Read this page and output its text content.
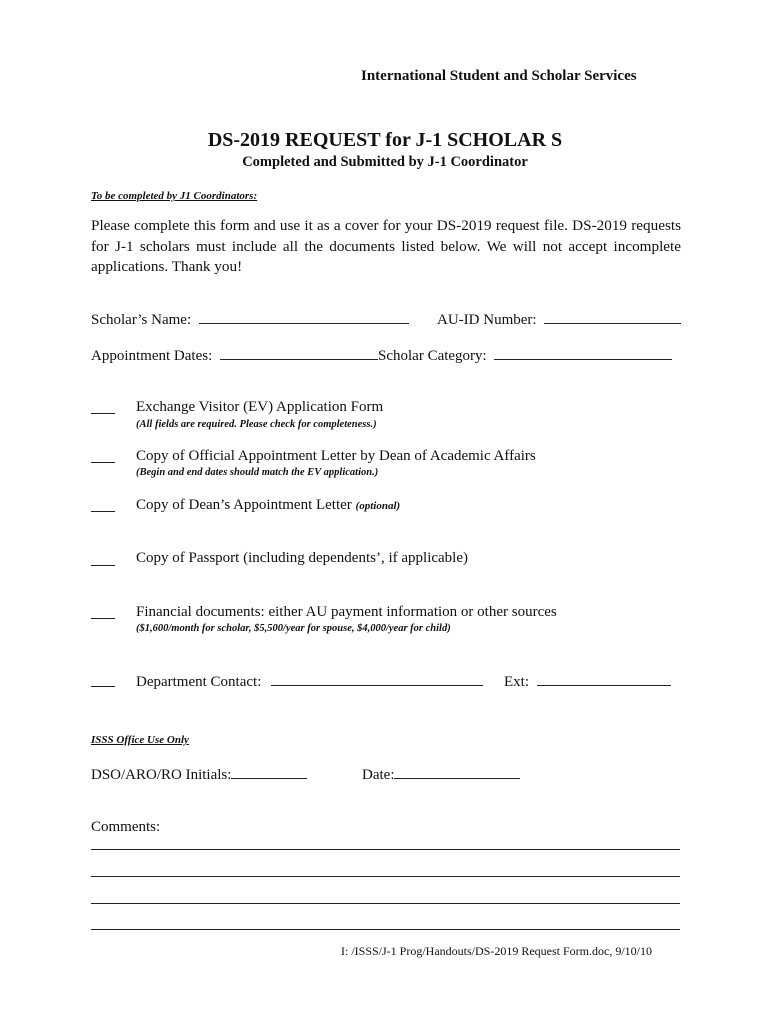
International Student and Scholar Services
DS-2019 REQUEST for J-1 SCHOLAR S
Completed and Submitted by J-1 Coordinator
To be completed by J1 Coordinators:
Please complete this form and use it as a cover for your DS-2019 request file. DS-2019 requests for J-1 scholars must include all the documents listed below. We will not accept incomplete applications. Thank you!
Scholar’s Name:	AU-ID Number:
Appointment Dates:	Scholar Category:
Exchange Visitor (EV) Application Form
(All fields are required. Please check for completeness.)
Copy of Official Appointment Letter by Dean of Academic Affairs
(Begin and end dates should match the EV application.)
Copy of Dean’s Appointment Letter (optional)
Copy of Passport (including dependents’, if applicable)
Financial documents: either AU payment information or other sources
($1,600/month for scholar, $5,500/year for spouse, $4,000/year for child)
Department Contact:	Ext:
ISSS Office Use Only
DSO/ARO/RO Initials:	Date:
Comments:
I: /ISSS/J-1 Prog/Handouts/DS-2019 Request Form.doc, 9/10/10
